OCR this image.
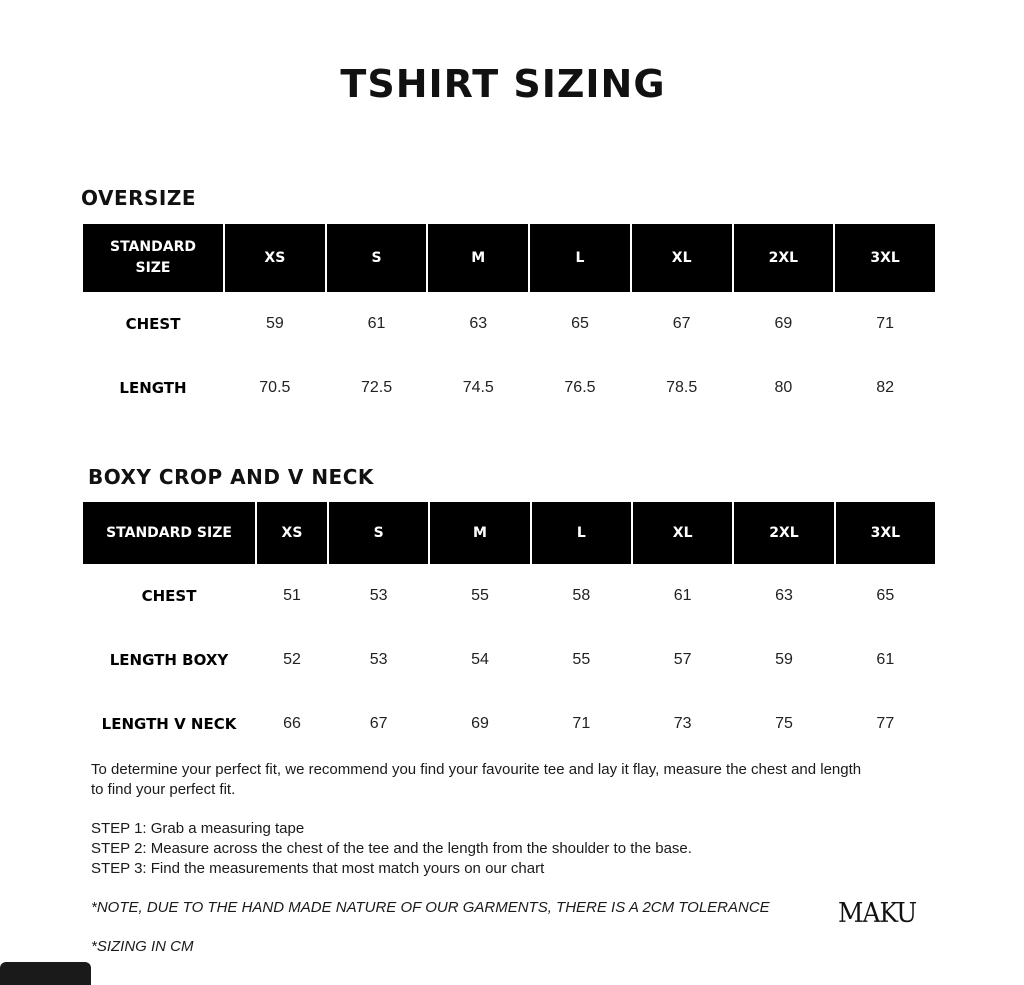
TSHIRT SIZING
OVERSIZE
STANDARD SIZE	XS	S	M	L	XL	2XL	3XL
CHEST	59	61	63	65	67	69	71
LENGTH	70.5	72.5	74.5	76.5	78.5	80	82
BOXY CROP AND V NECK
STANDARD SIZE	XS	S	M	L	XL	2XL	3XL
CHEST	51	53	55	58	61	63	65
LENGTH BOXY	52	53	54	55	57	59	61
LENGTH V NECK	66	67	69	71	73	75	77

To determine your perfect fit, we recommend you find your favourite tee and lay it flay, measure the chest and length to find your perfect fit.

STEP 1: Grab a measuring tape

STEP 2: Measure across the chest of the tee and the length from the shoulder to the base.

STEP 3: Find the measurements that most match yours on our chart

*NOTE, DUE TO THE HAND MADE NATURE OF OUR GARMENTS, THERE IS A 2CM TOLERANCE

*SIZING IN CM

MAKU
